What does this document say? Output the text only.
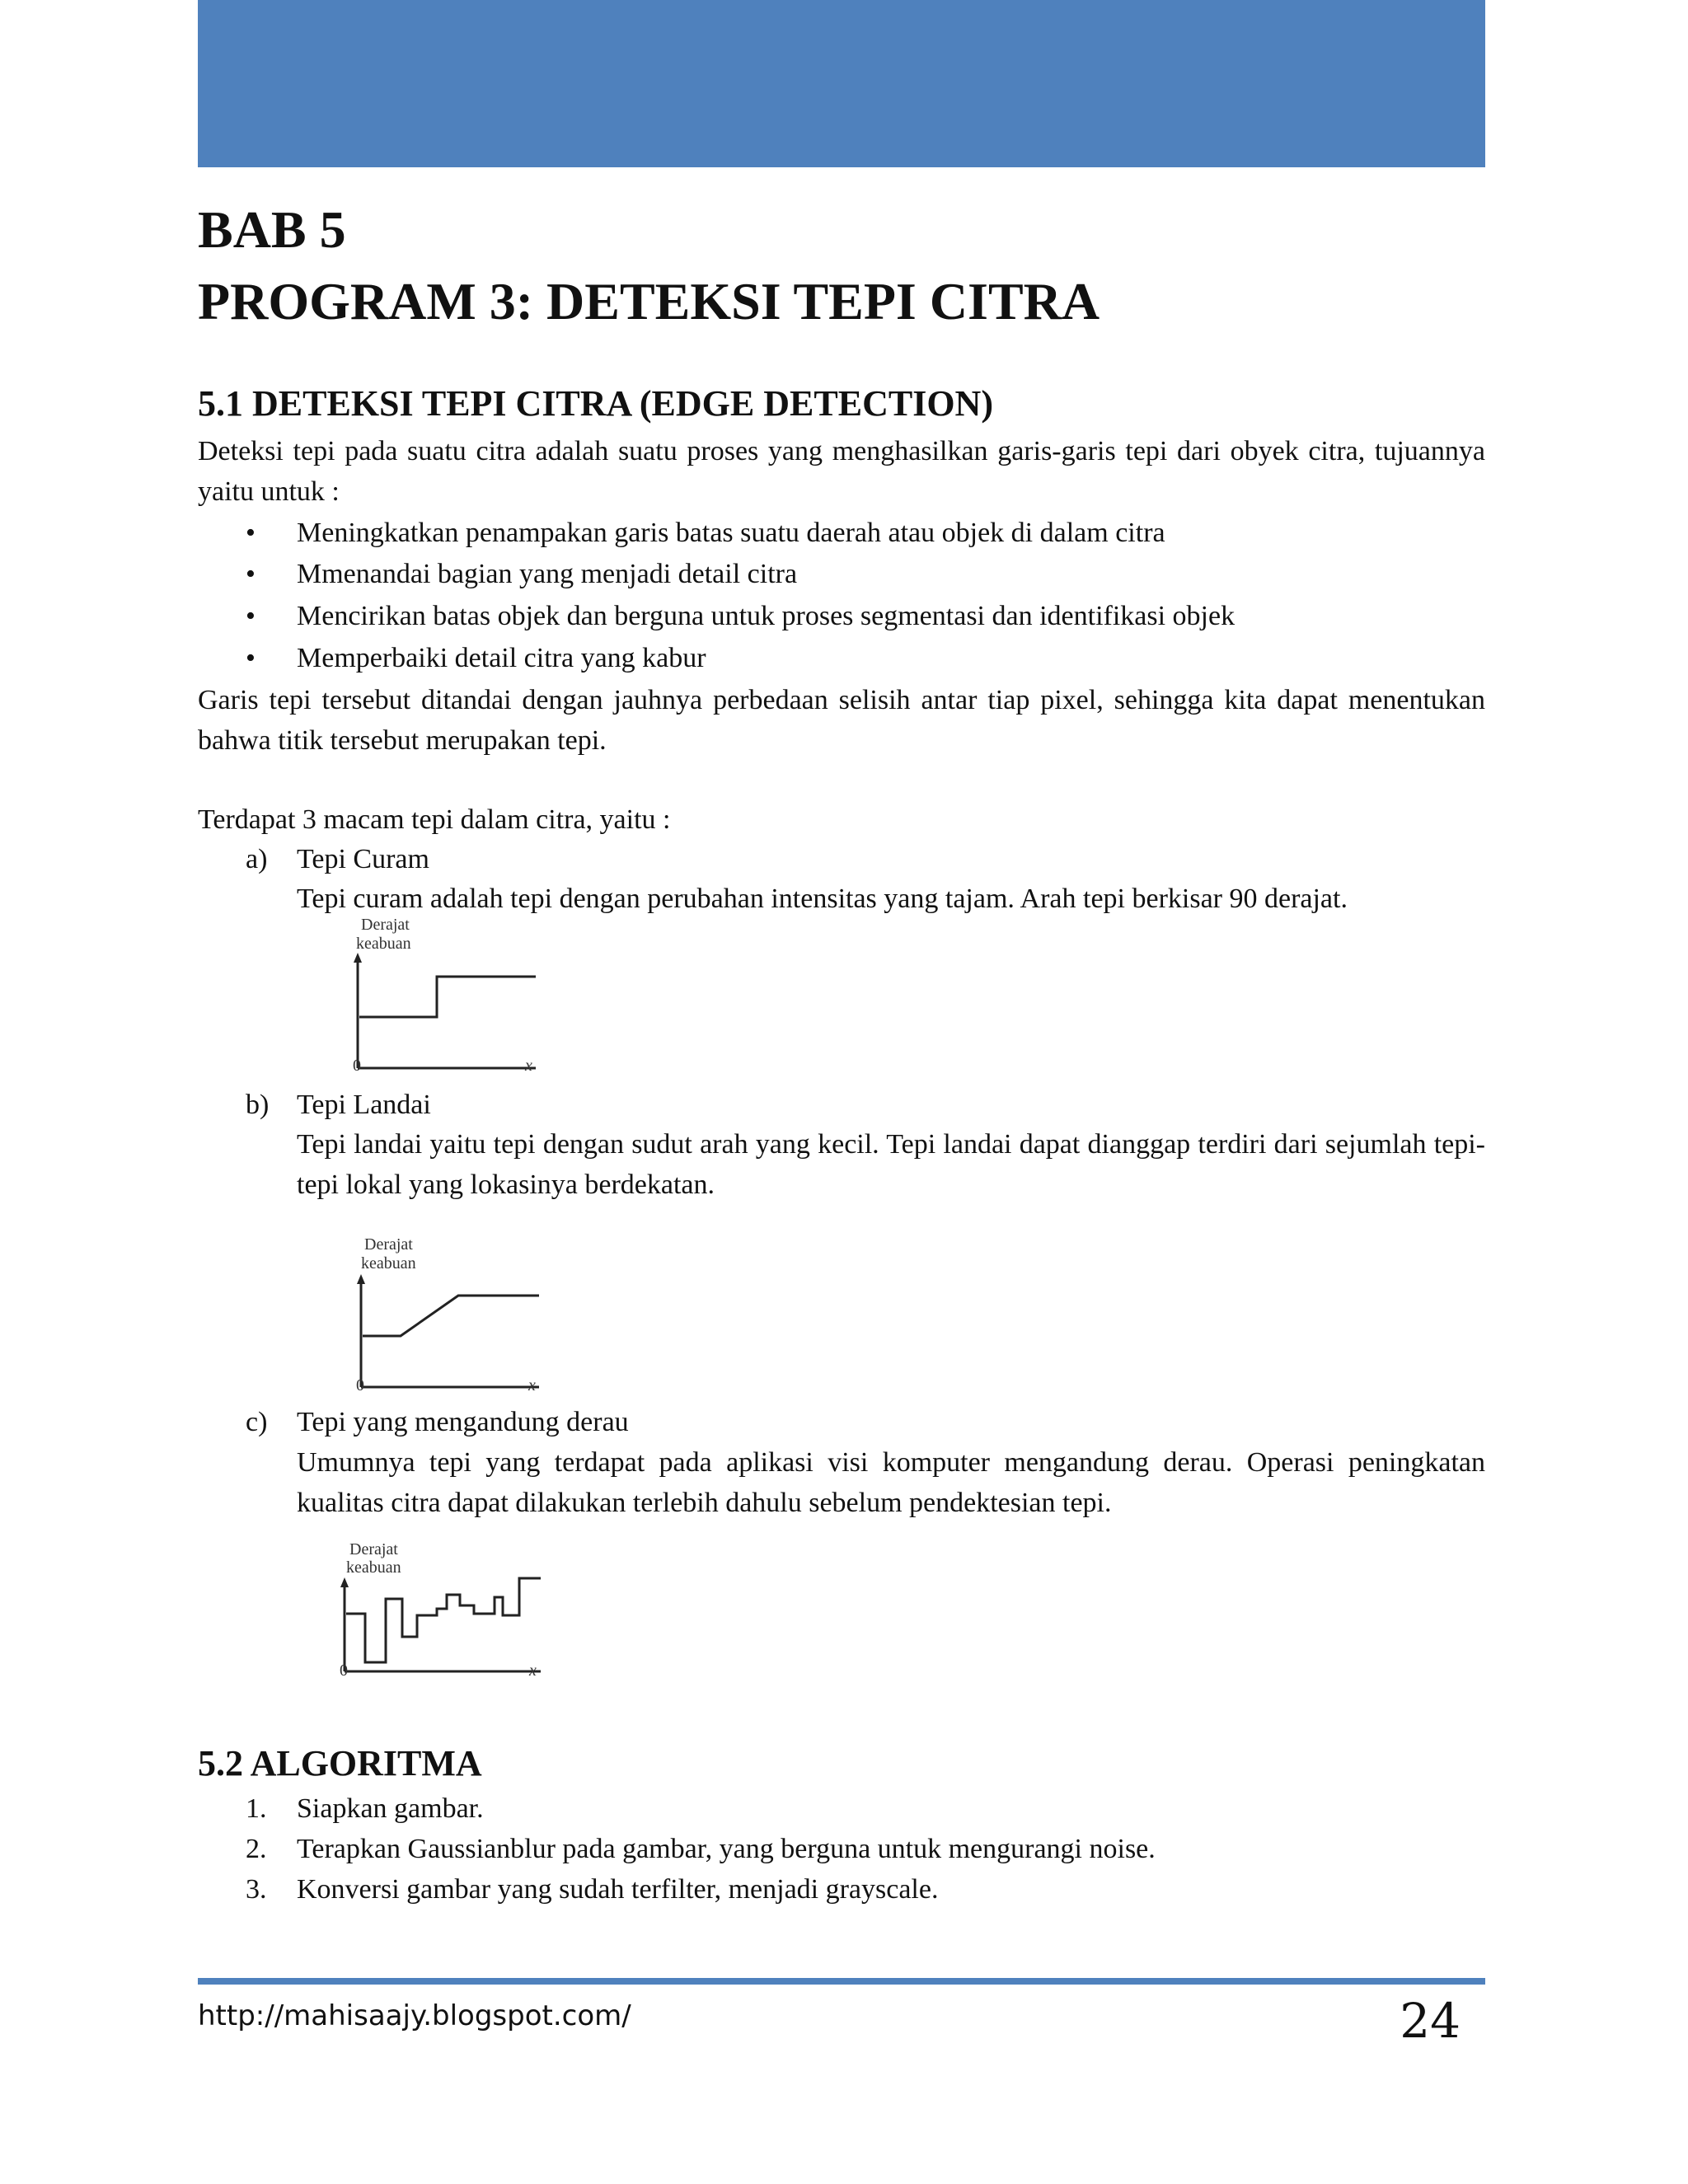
BAB 5
PROGRAM 3: DETEKSI TEPI CITRA
5.1 DETEKSI TEPI CITRA (EDGE DETECTION)
Deteksi tepi pada suatu citra adalah suatu proses yang menghasilkan garis-garis tepi dari obyek citra, tujuannya yaitu untuk :
• Meningkatkan penampakan garis batas suatu daerah atau objek di dalam citra
• Mmenandai bagian yang menjadi detail citra
• Mencirikan batas objek dan berguna untuk proses segmentasi dan identifikasi objek
• Memperbaiki detail citra yang kabur
Garis tepi tersebut ditandai dengan jauhnya perbedaan selisih antar tiap pixel, sehingga kita dapat menentukan bahwa titik tersebut merupakan tepi.
Terdapat 3 macam tepi dalam citra, yaitu :
a) Tepi Curam
Tepi curam adalah tepi dengan perubahan intensitas yang tajam. Arah tepi berkisar 90 derajat.
Derajat
keabuan
0	x
b) Tepi Landai
Tepi landai yaitu tepi dengan sudut arah yang kecil. Tepi landai dapat dianggap terdiri dari sejumlah tepi-tepi lokal yang lokasinya berdekatan.
Derajat
keabuan
0	x
c) Tepi yang mengandung derau
Umumnya tepi yang terdapat pada aplikasi visi komputer mengandung derau. Operasi peningkatan kualitas citra dapat dilakukan terlebih dahulu sebelum pendektesian tepi.
Derajat
keabuan
0	x
5.2 ALGORITMA
1. Siapkan gambar.
2. Terapkan Gaussianblur pada gambar, yang berguna untuk mengurangi noise.
3. Konversi gambar yang sudah terfilter, menjadi grayscale.
http://mahisaajy.blogspot.com/	24
